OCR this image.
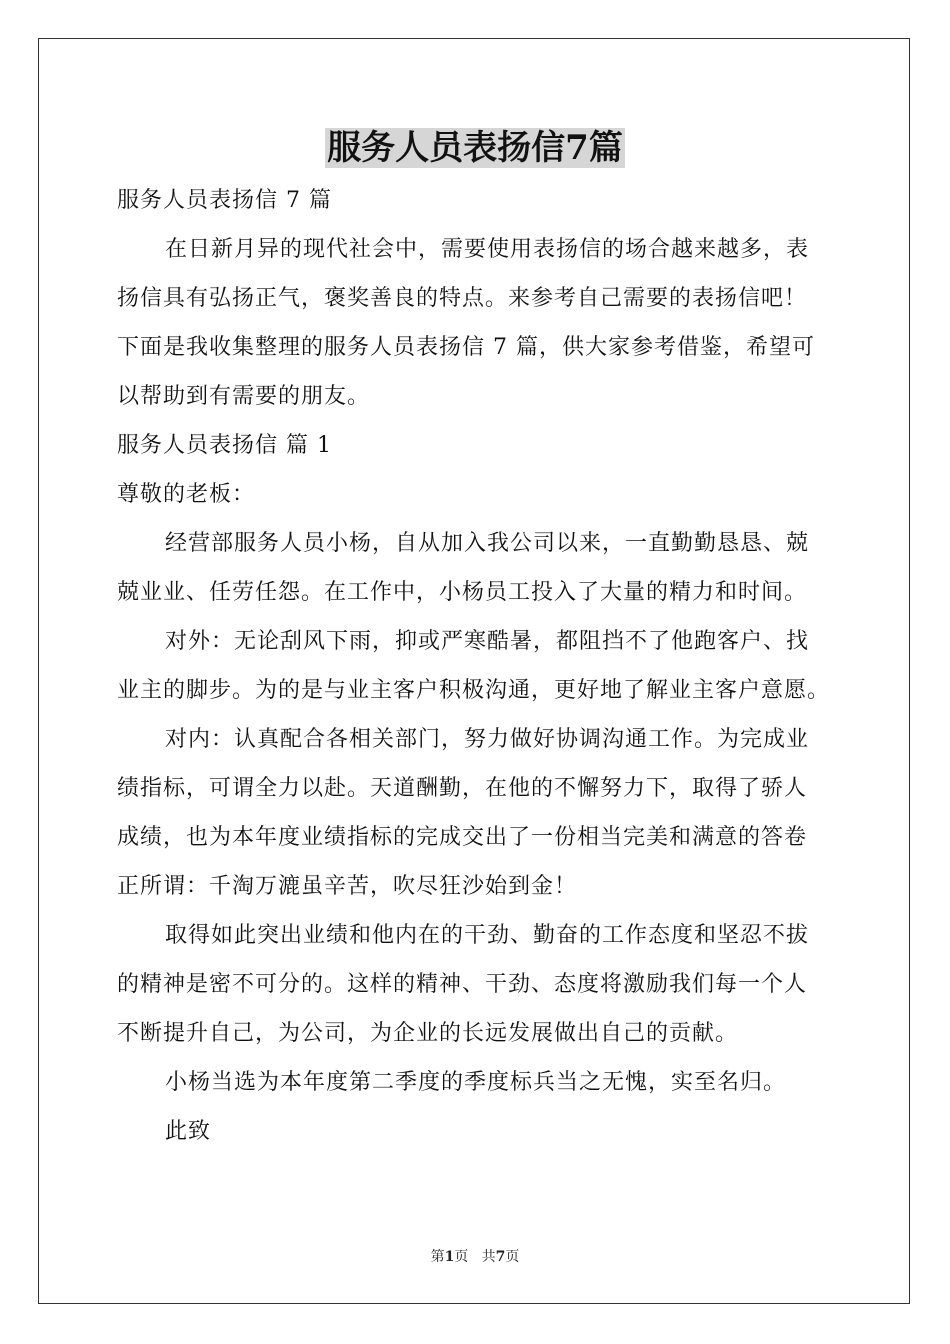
服务人员表扬信7篇

服务人员表扬信 7 篇

在日新月异的现代社会中，需要使用表扬信的场合越来越多，表

扬信具有弘扬正气，褒奖善良的特点。来参考自己需要的表扬信吧！

下面是我收集整理的服务人员表扬信 7 篇，供大家参考借鉴，希望可

以帮助到有需要的朋友。

服务人员表扬信 篇 1

尊敬的老板：

经营部服务人员小杨，自从加入我公司以来，一直勤勤恳恳、兢

兢业业、任劳任怨。在工作中，小杨员工投入了大量的精力和时间。

对外：无论刮风下雨，抑或严寒酷暑，都阻挡不了他跑客户、找

业主的脚步。为的是与业主客户积极沟通，更好地了解业主客户意愿。

对内：认真配合各相关部门，努力做好协调沟通工作。为完成业

绩指标，可谓全力以赴。天道酬勤，在他的不懈努力下，取得了骄人

成绩，也为本年度业绩指标的完成交出了一份相当完美和满意的答卷

正所谓：千淘万漉虽辛苦，吹尽狂沙始到金！

取得如此突出业绩和他内在的干劲、勤奋的工作态度和坚忍不拔

的精神是密不可分的。这样的精神、干劲、态度将激励我们每一个人

不断提升自己，为公司，为企业的长远发展做出自己的贡献。

小杨当选为本年度第二季度的季度标兵当之无愧，实至名归。

此致

第1页 共7页
